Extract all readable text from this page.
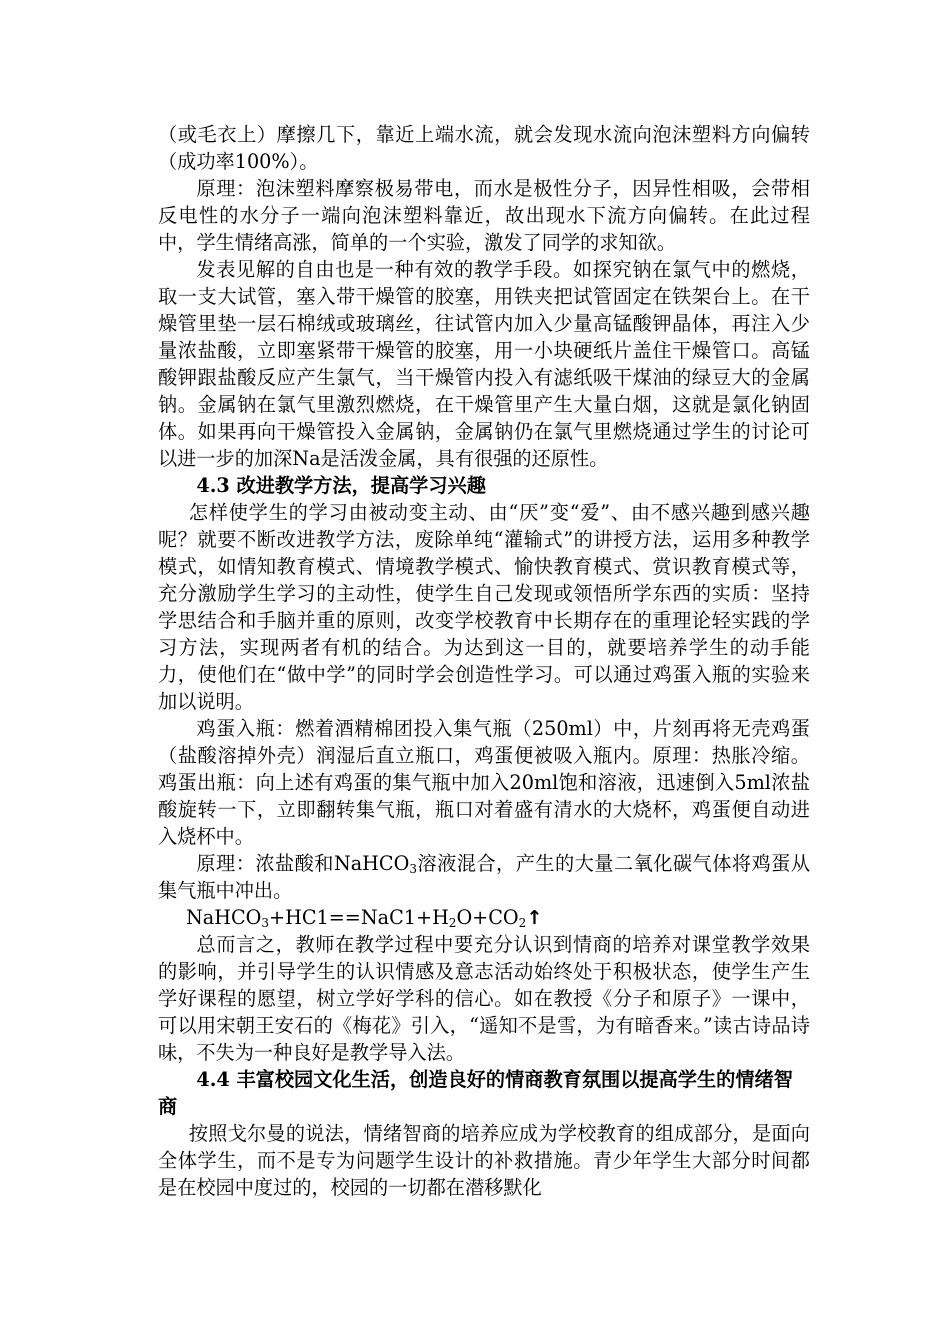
（或毛衣上）摩擦几下，靠近上端水流，就会发现水流向泡沫塑料方向偏转（成功率100%）。

原理：泡沫塑料摩察极易带电，而水是极性分子，因异性相吸，会带相反电性的水分子一端向泡沫塑料靠近，故出现水下流方向偏转。在此过程中，学生情绪高涨，简单的一个实验，激发了同学的求知欲。

发表见解的自由也是一种有效的教学手段。如探究钠在氯气中的燃烧，取一支大试管，塞入带干燥管的胶塞，用铁夹把试管固定在铁架台上。在干燥管里垫一层石棉绒或玻璃丝，往试管内加入少量高锰酸钾晶体，再注入少量浓盐酸，立即塞紧带干燥管的胶塞，用一小块硬纸片盖住干燥管口。高锰酸钾跟盐酸反应产生氯气，当干燥管内投入有滤纸吸干煤油的绿豆大的金属钠。金属钠在氯气里激烈燃烧，在干燥管里产生大量白烟，这就是氯化钠固体。如果再向干燥管投入金属钠，金属钠仍在氯气里燃烧通过学生的讨论可以进一步的加深Na是活泼金属，具有很强的还原性。

4.3 改进教学方法，提高学习兴趣

怎样使学生的学习由被动变主动、由“厌”变“爱”、由不感兴趣到感兴趣呢？就要不断改进教学方法，废除单纯“灌输式”的讲授方法，运用多种教学模式，如情知教育模式、情境教学模式、愉快教育模式、赏识教育模式等，充分激励学生学习的主动性，使学生自己发现或领悟所学东西的实质：坚持学思结合和手脑并重的原则，改变学校教育中长期存在的重理论轻实践的学习方法，实现两者有机的结合。为达到这一目的，就要培养学生的动手能力，使他们在“做中学”的同时学会创造性学习。可以通过鸡蛋入瓶的实验来加以说明。

鸡蛋入瓶：燃着酒精棉团投入集气瓶（250ml）中，片刻再将无壳鸡蛋（盐酸溶掉外壳）润湿后直立瓶口，鸡蛋便被吸入瓶内。原理：热胀冷缩。鸡蛋出瓶：向上述有鸡蛋的集气瓶中加入20ml饱和溶液，迅速倒入5ml浓盐酸旋转一下，立即翻转集气瓶，瓶口对着盛有清水的大烧杯，鸡蛋便自动进入烧杯中。

原理：浓盐酸和NaHCO$_3$溶液混合，产生的大量二氧化碳气体将鸡蛋从集气瓶中冲出。

$NaHCO_3+HC1==NaC1+H_2O+CO_2↑$

总而言之，教师在教学过程中要充分认识到情商的培养对课堂教学效果的影响，并引导学生的认识情感及意志活动始终处于积极状态，使学生产生学好课程的愿望，树立学好学科的信心。如在教授《分子和原子》一课中，可以用宋朝王安石的《梅花》引入，“遥知不是雪，为有暗香来。”读古诗品诗味，不失为一种良好是教学导入法。

4.4 丰富校园文化生活，创造良好的情商教育氛围以提高学生的情绪智商

按照戈尔曼的说法，情绪智商的培养应成为学校教育的组成部分，是面向全体学生，而不是专为问题学生设计的补救措施。青少年学生大部分时间都是在校园中度过的，校园的一切都在潜移默化
